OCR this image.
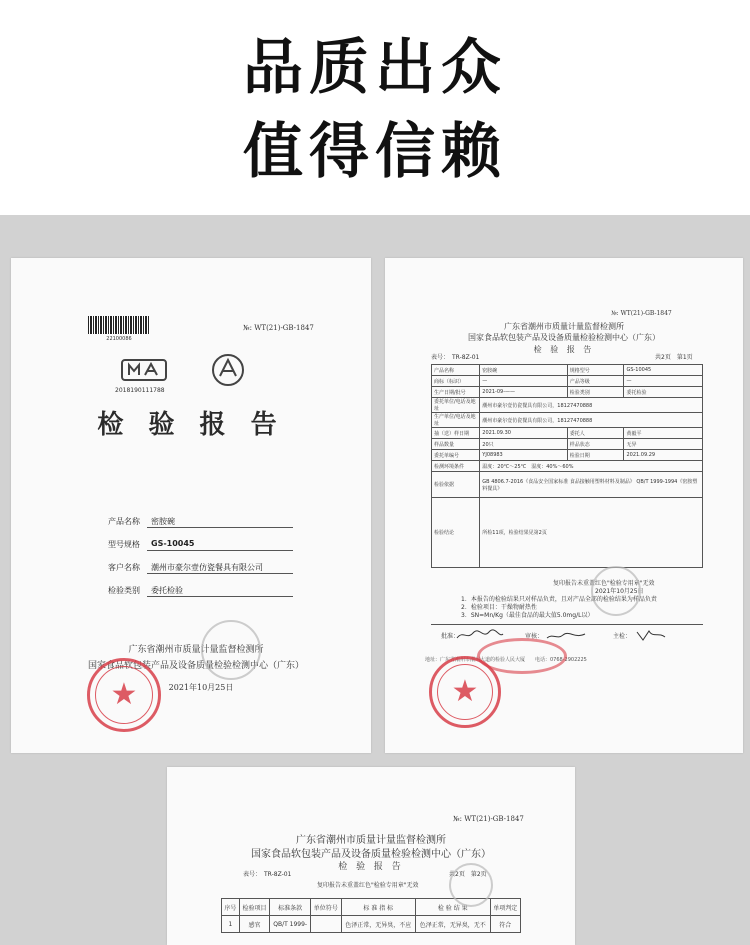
品质出众
值得信赖
22100086
№: WT(21)-GB-1847
2018190111788
检 验 报 告
产品名称 密胺碗
型号规格 GS-10045
客户名称 潮州市豪尔壹仿瓷餐具有限公司
检验类别 委托检验
广东省潮州市质量计量监督检测所
国家食品软包装产品及设备质量检验检测中心（广东）
2021年10月25日
★
№: WT(21)-GB-1847
广东省潮州市质量计量监督检测所
国家食品软包装产品及设备质量检验检测中心（广东）
检 验 报 告
表号：　TR-8Z-01	共2页　第1页
产品名称	密胺碗	规格型号	GS-10045
商标（标识）	—	产品等级	—
生产日期/批号	2021-09-——	检验类别	委托检验
委托单位/电话及地址	潮州市豪尔壹仿瓷餐具有限公司，18127470888		
生产单位/电话及地址	潮州市豪尔壹仿瓷餐具有限公司，18127470888		
抽（送）样日期	2021.09.30	委托人	黄毅平
样品数量	20只	样品状态	无异
委托单编号	YJ08983	检验日期	2021.09.29
检测环境条件	温度：20℃～25℃　湿度：40%～60%		
检验依据	GB 4806.7-2016《食品安全国家标准 食品接触用塑料材料及制品》 QB/T 1999-1994《密胺塑料餐具》		
检验结论	所检11项，检验结果见第2页		
复印报告未重盖红色"检验专用章"无效
2021年10月25日
1．本报告的检验结果只对样品负责，且对产品全部的检验结果为样品负责
2．检验项目：干燥物耐热性
3．SN=Mn/Kg（最佳食品的最大值5.0mg/L以）
批准：	审核：	主检：
地址：广东省潮州市潮州大道的检验人民大厦　　电话：0768-2902225
★
№: WT(21)-GB-1847
广东省潮州市质量计量监督检测所
国家食品软包装产品及设备质量检验检测中心（广东）
检 验 报 告
表号：　TR-8Z-01	共2页　第2页
复印报告未重盖红色"检验专用章"无效
序号	检验项目	标准条款	单位符号	标 准 指 标	检 验 结 果	单项判定
1	感官	QB/T 1999-		色泽正常，无异臭，不应	色泽正常，无异臭，无不	符合
